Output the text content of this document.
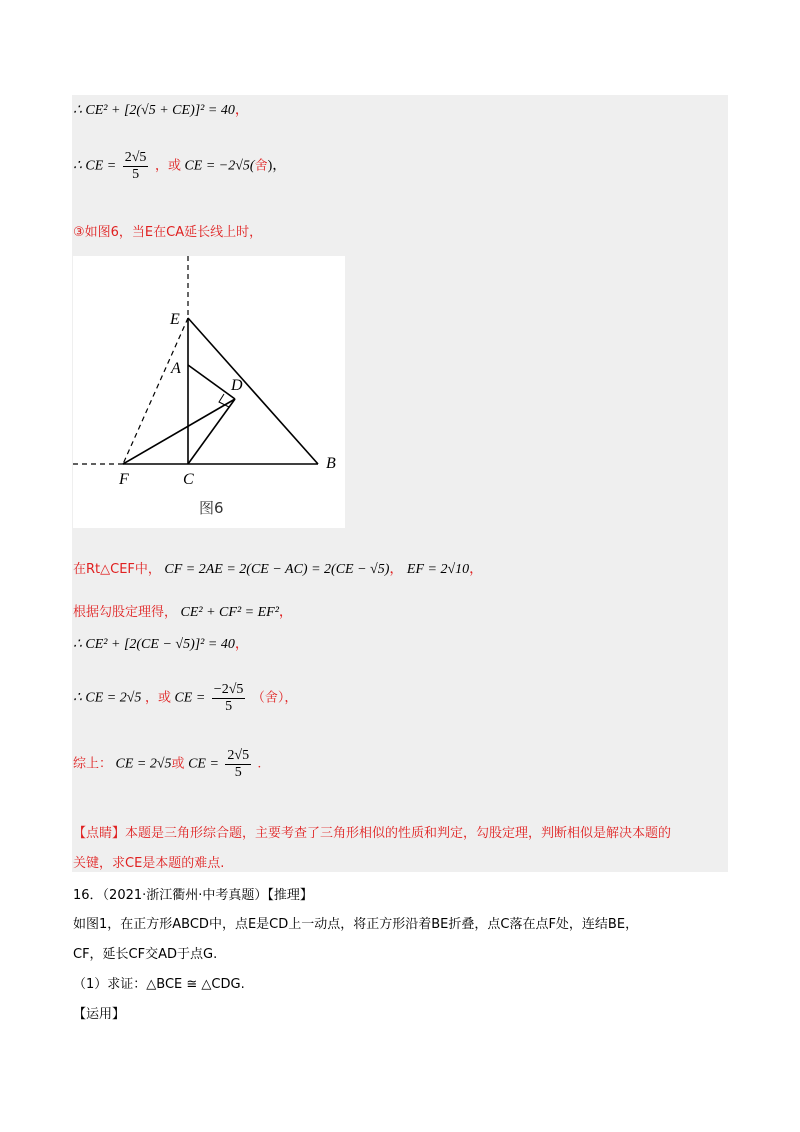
∴ CE² + [2(√5 + CE)]² = 40，
∴ CE = $\frac{2√5}{5}$ ，或 CE = −2√5(舍)，
③如图6，当E在CA延长线上时，
E
A
D
F	C
B
图6
在Rt△CEF中， CF = 2AE = 2(CE − AC) = 2(CE − √5)， EF = 2√10，
根据勾股定理得， CE² + CF² = EF²，
∴ CE² + [2(CE − √5)]² = 40，
∴ CE = 2√5 ，或 CE = $\frac{-2√5}{5}$ （舍），
综上： CE = 2√5或 CE = $\frac{2√5}{5}$ .
【点睛】本题是三角形综合题，主要考查了三角形相似的性质和判定，勾股定理，判断相似是解决本题的
关键，求CE是本题的难点.
16．（2021·浙江衢州·中考真题）【推理】
如图1，在正方形ABCD中，点E是CD上一动点，将正方形沿着BE折叠，点C落在点F处，连结BE，
CF，延长CF交AD于点G.
（1）求证：△BCE ≅ △CDG.
【运用】
